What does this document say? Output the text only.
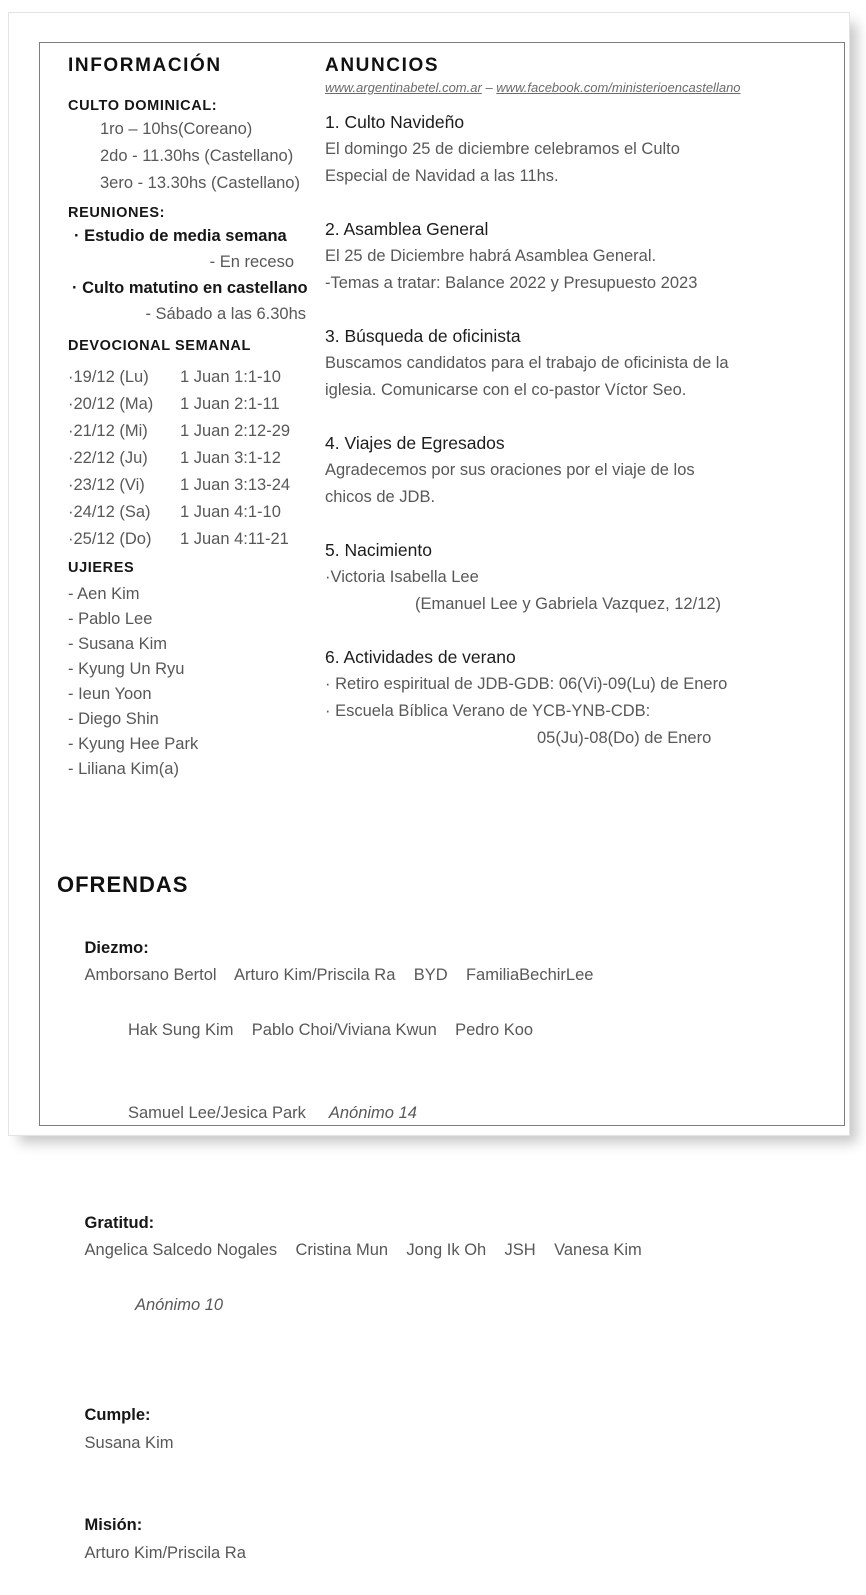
INFORMACIÓN
CULTO DOMINICAL:
1ro – 10hs(Coreano)
2do - 11.30hs (Castellano)
3ero - 13.30hs (Castellano)
REUNIONES:
· Estudio de media semana
- En receso
· Culto matutino en castellano
- Sábado a las 6.30hs
DEVOCIONAL SEMANAL
·19/12 (Lu) 1 Juan 1:1-10
·20/12 (Ma) 1 Juan 2:1-11
·21/12 (Mi) 1 Juan 2:12-29
·22/12 (Ju) 1 Juan 3:1-12
·23/12 (Vi) 1 Juan 3:13-24
·24/12 (Sa) 1 Juan 4:1-10
·25/12 (Do) 1 Juan 4:11-21
UJIERES
- Aen Kim
- Pablo Lee
- Susana Kim
- Kyung Un Ryu
- Ieun Yoon
- Diego Shin
- Kyung Hee Park
- Liliana Kim(a)
ANUNCIOS
www.argentinabetel.com.ar – www.facebook.com/ministerioencastellano
1. Culto Navideño
El domingo 25 de diciembre celebramos el Culto
Especial de Navidad a las 11hs.
2. Asamblea General
El 25 de Diciembre habrá Asamblea General.
-Temas a tratar: Balance 2022 y Presupuesto 2023
3. Búsqueda de oficinista
Buscamos candidatos para el trabajo de oficinista de la
iglesia. Comunicarse con el co-pastor Víctor Seo.
4. Viajes de Egresados
Agradecemos por sus oraciones por el viaje de los
chicos de JDB.
5. Nacimiento
·Victoria Isabella Lee
(Emanuel Lee y Gabriela Vazquez, 12/12)
6. Actividades de verano
· Retiro espiritual de JDB-GDB: 06(Vi)-09(Lu) de Enero
· Escuela Bíblica Verano de YCB-YNB-CDB:
05(Ju)-08(Do) de Enero
OFRENDAS

Diezmo:
Amborsano Bertol    Arturo Kim/Priscila Ra    BYD    FamiliaBechirLee

Hak Sung Kim    Pablo Choi/Viviana Kwun    Pedro Koo

Samuel Lee/Jesica Park     Anónimo 14

Gratitud:
Angelica Salcedo Nogales    Cristina Mun    Jong Ik Oh    JSH    Vanesa Kim

Anónimo 10

Cumple:
Susana Kim

Misión:
Arturo Kim/Priscila Ra
